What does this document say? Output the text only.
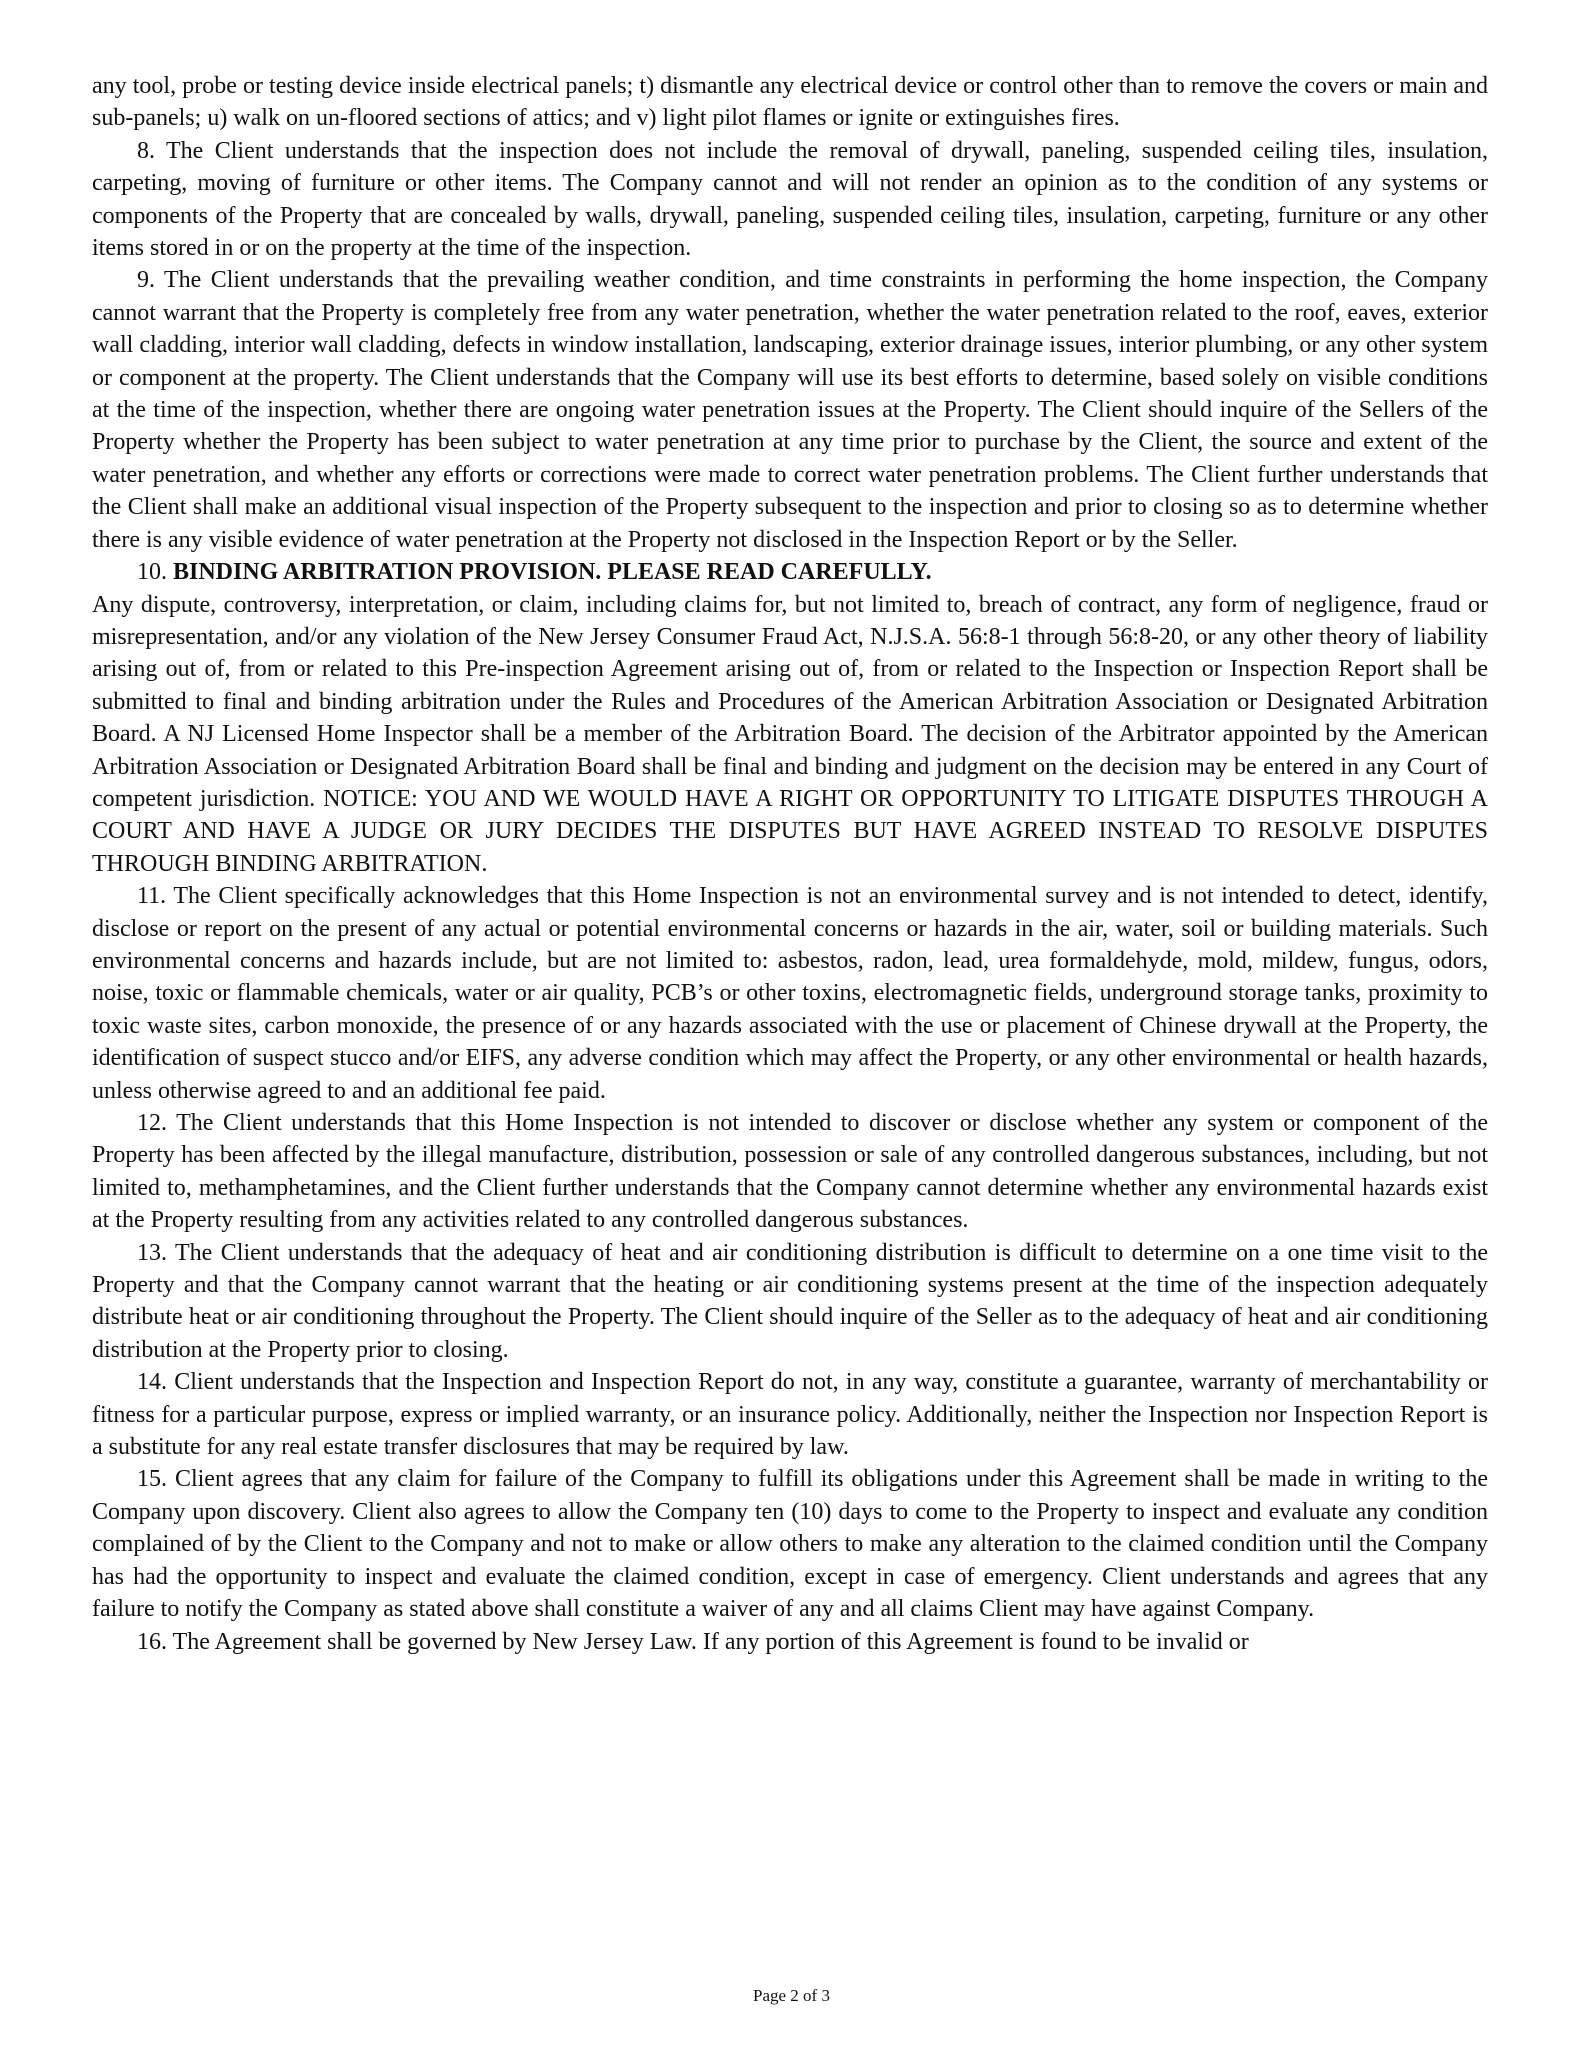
any tool, probe or testing device inside electrical panels; t) dismantle any electrical device or control other than to remove the covers or main and sub-panels; u) walk on un-floored sections of attics; and v) light pilot flames or ignite or extinguishes fires.

8. The Client understands that the inspection does not include the removal of drywall, paneling, suspended ceiling tiles, insulation, carpeting, moving of furniture or other items. The Company cannot and will not render an opinion as to the condition of any systems or components of the Property that are concealed by walls, drywall, paneling, suspended ceiling tiles, insulation, carpeting, furniture or any other items stored in or on the property at the time of the inspection.

9. The Client understands that the prevailing weather condition, and time constraints in performing the home inspection, the Company cannot warrant that the Property is completely free from any water penetration, whether the water penetration related to the roof, eaves, exterior wall cladding, interior wall cladding, defects in window installation, landscaping, exterior drainage issues, interior plumbing, or any other system or component at the property. The Client understands that the Company will use its best efforts to determine, based solely on visible conditions at the time of the inspection, whether there are ongoing water penetration issues at the Property. The Client should inquire of the Sellers of the Property whether the Property has been subject to water penetration at any time prior to purchase by the Client, the source and extent of the water penetration, and whether any efforts or corrections were made to correct water penetration problems. The Client further understands that the Client shall make an additional visual inspection of the Property subsequent to the inspection and prior to closing so as to determine whether there is any visible evidence of water penetration at the Property not disclosed in the Inspection Report or by the Seller.

10. BINDING ARBITRATION PROVISION. PLEASE READ CAREFULLY.

Any dispute, controversy, interpretation, or claim, including claims for, but not limited to, breach of contract, any form of negligence, fraud or misrepresentation, and/or any violation of the New Jersey Consumer Fraud Act, N.J.S.A. 56:8-1 through 56:8-20, or any other theory of liability arising out of, from or related to this Pre-inspection Agreement arising out of, from or related to the Inspection or Inspection Report shall be submitted to final and binding arbitration under the Rules and Procedures of the American Arbitration Association or Designated Arbitration Board. A NJ Licensed Home Inspector shall be a member of the Arbitration Board. The decision of the Arbitrator appointed by the American Arbitration Association or Designated Arbitration Board shall be final and binding and judgment on the decision may be entered in any Court of competent jurisdiction. NOTICE: YOU AND WE WOULD HAVE A RIGHT OR OPPORTUNITY TO LITIGATE DISPUTES THROUGH A COURT AND HAVE A JUDGE OR JURY DECIDES THE DISPUTES BUT HAVE AGREED INSTEAD TO RESOLVE DISPUTES THROUGH BINDING ARBITRATION.

11. The Client specifically acknowledges that this Home Inspection is not an environmental survey and is not intended to detect, identify, disclose or report on the present of any actual or potential environmental concerns or hazards in the air, water, soil or building materials. Such environmental concerns and hazards include, but are not limited to: asbestos, radon, lead, urea formaldehyde, mold, mildew, fungus, odors, noise, toxic or flammable chemicals, water or air quality, PCB’s or other toxins, electromagnetic fields, underground storage tanks, proximity to toxic waste sites, carbon monoxide, the presence of or any hazards associated with the use or placement of Chinese drywall at the Property, the identification of suspect stucco and/or EIFS, any adverse condition which may affect the Property, or any other environmental or health hazards, unless otherwise agreed to and an additional fee paid.

12. The Client understands that this Home Inspection is not intended to discover or disclose whether any system or component of the Property has been affected by the illegal manufacture, distribution, possession or sale of any controlled dangerous substances, including, but not limited to, methamphetamines, and the Client further understands that the Company cannot determine whether any environmental hazards exist at the Property resulting from any activities related to any controlled dangerous substances.

13. The Client understands that the adequacy of heat and air conditioning distribution is difficult to determine on a one time visit to the Property and that the Company cannot warrant that the heating or air conditioning systems present at the time of the inspection adequately distribute heat or air conditioning throughout the Property. The Client should inquire of the Seller as to the adequacy of heat and air conditioning distribution at the Property prior to closing.

14. Client understands that the Inspection and Inspection Report do not, in any way, constitute a guarantee, warranty of merchantability or fitness for a particular purpose, express or implied warranty, or an insurance policy. Additionally, neither the Inspection nor Inspection Report is a substitute for any real estate transfer disclosures that may be required by law.

15. Client agrees that any claim for failure of the Company to fulfill its obligations under this Agreement shall be made in writing to the Company upon discovery. Client also agrees to allow the Company ten (10) days to come to the Property to inspect and evaluate any condition complained of by the Client to the Company and not to make or allow others to make any alteration to the claimed condition until the Company has had the opportunity to inspect and evaluate the claimed condition, except in case of emergency. Client understands and agrees that any failure to notify the Company as stated above shall constitute a waiver of any and all claims Client may have against Company.

16. The Agreement shall be governed by New Jersey Law. If any portion of this Agreement is found to be invalid or

Page 2 of 3
